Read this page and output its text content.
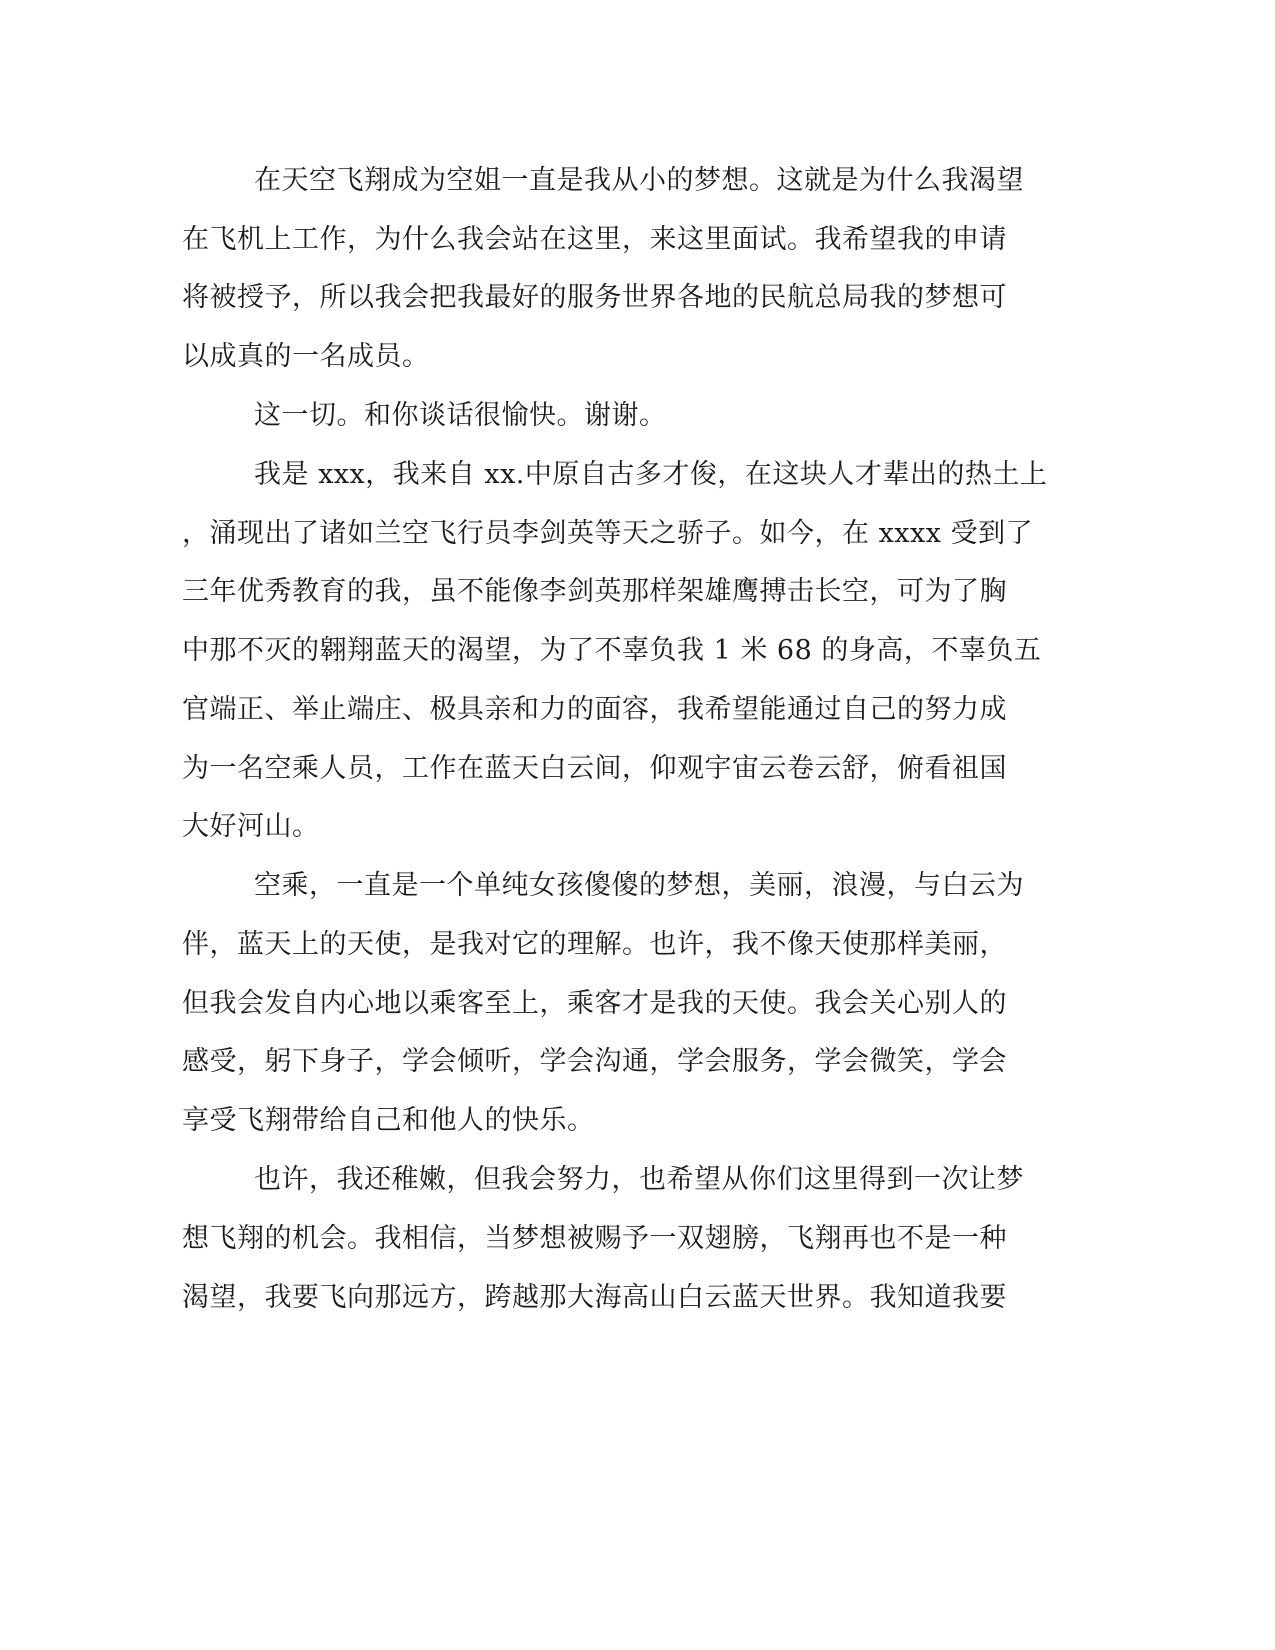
在天空飞翔成为空姐一直是我从小的梦想。这就是为什么我渴望
在飞机上工作，为什么我会站在这里，来这里面试。我希望我的申请
将被授予，所以我会把我最好的服务世界各地的民航总局我的梦想可
以成真的一名成员。
这一切。和你谈话很愉快。谢谢。
我是 xxx，我来自 xx.中原自古多才俊，在这块人才辈出的热土上
，涌现出了诸如兰空飞行员李剑英等天之骄子。如今，在 xxxx 受到了
三年优秀教育的我，虽不能像李剑英那样架雄鹰搏击长空，可为了胸
中那不灭的翱翔蓝天的渴望，为了不辜负我 1 米 68 的身高，不辜负五
官端正、举止端庄、极具亲和力的面容，我希望能通过自己的努力成
为一名空乘人员，工作在蓝天白云间，仰观宇宙云卷云舒，俯看祖国
大好河山。
空乘，一直是一个单纯女孩傻傻的梦想，美丽，浪漫，与白云为
伴，蓝天上的天使，是我对它的理解。也许，我不像天使那样美丽，
但我会发自内心地以乘客至上，乘客才是我的天使。我会关心别人的
感受，躬下身子，学会倾听，学会沟通，学会服务，学会微笑，学会
享受飞翔带给自己和他人的快乐。
也许，我还稚嫩，但我会努力，也希望从你们这里得到一次让梦
想飞翔的机会。我相信，当梦想被赐予一双翅膀，飞翔再也不是一种
渴望，我要飞向那远方，跨越那大海高山白云蓝天世界。我知道我要
